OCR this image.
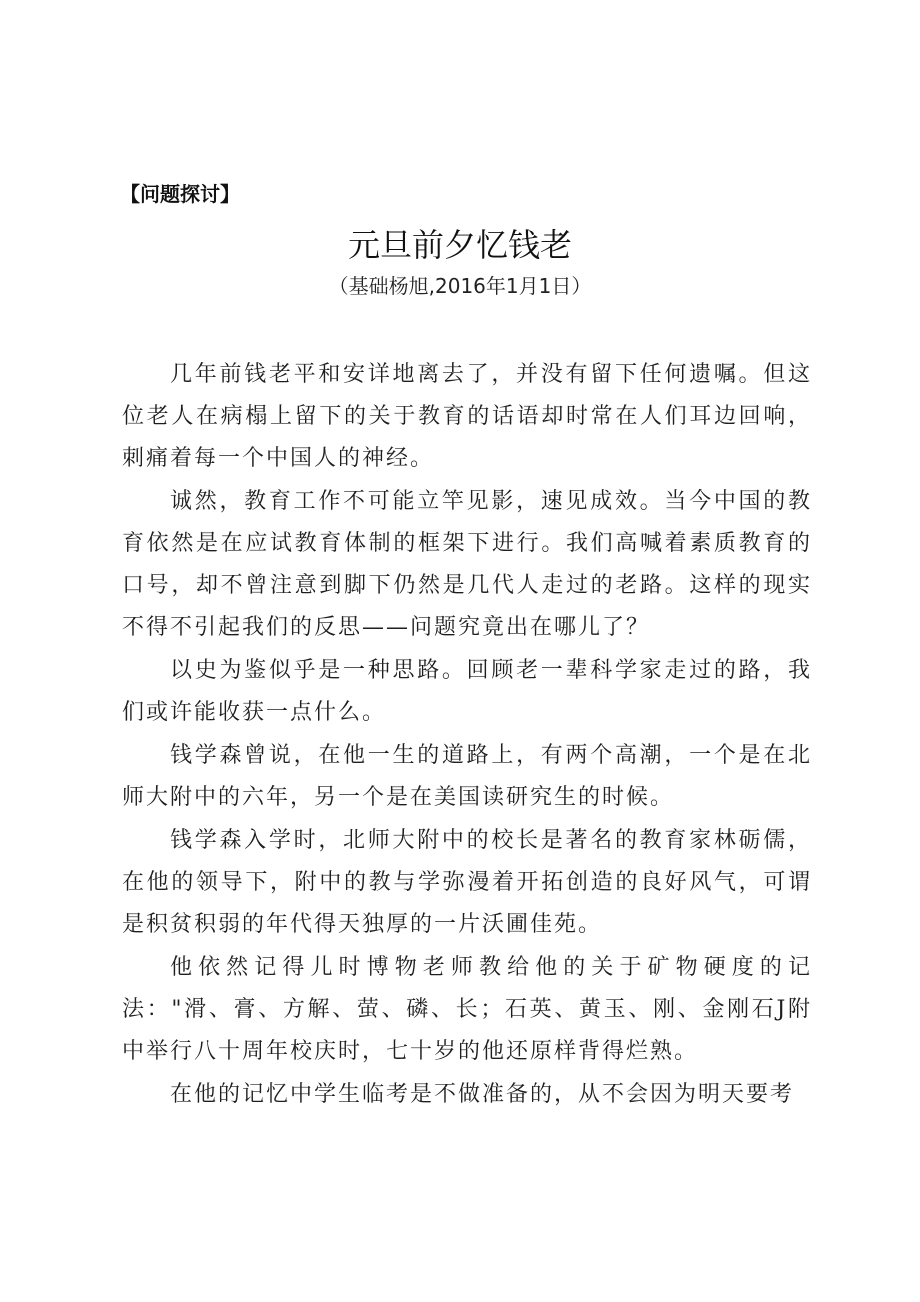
【问题探讨】
元旦前夕忆钱老
（基础杨旭,2016年1月1日）

几年前钱老平和安详地离去了，并没有留下任何遗嘱。但这位老人在病榻上留下的关于教育的话语却时常在人们耳边回响，刺痛着每一个中国人的神经。

诚然，教育工作不可能立竿见影，速见成效。当今中国的教育依然是在应试教育体制的框架下进行。我们高喊着素质教育的口号，却不曾注意到脚下仍然是几代人走过的老路。这样的现实不得不引起我们的反思——问题究竟出在哪儿了？

以史为鉴似乎是一种思路。回顾老一辈科学家走过的路，我们或许能收获一点什么。

钱学森曾说，在他一生的道路上，有两个高潮，一个是在北师大附中的六年，另一个是在美国读研究生的时候。

钱学森入学时，北师大附中的校长是著名的教育家林砺儒，在他的领导下，附中的教与学弥漫着开拓创造的良好风气，可谓是积贫积弱的年代得天独厚的一片沃圃佳苑。

他依然记得儿时博物老师教给他的关于矿物硬度的记法："滑、膏、方解、萤、磷、长；石英、黄玉、刚、金刚石J附中举行八十周年校庆时，七十岁的他还原样背得烂熟。

在他的记忆中学生临考是不做准备的，从不会因为明天要考
